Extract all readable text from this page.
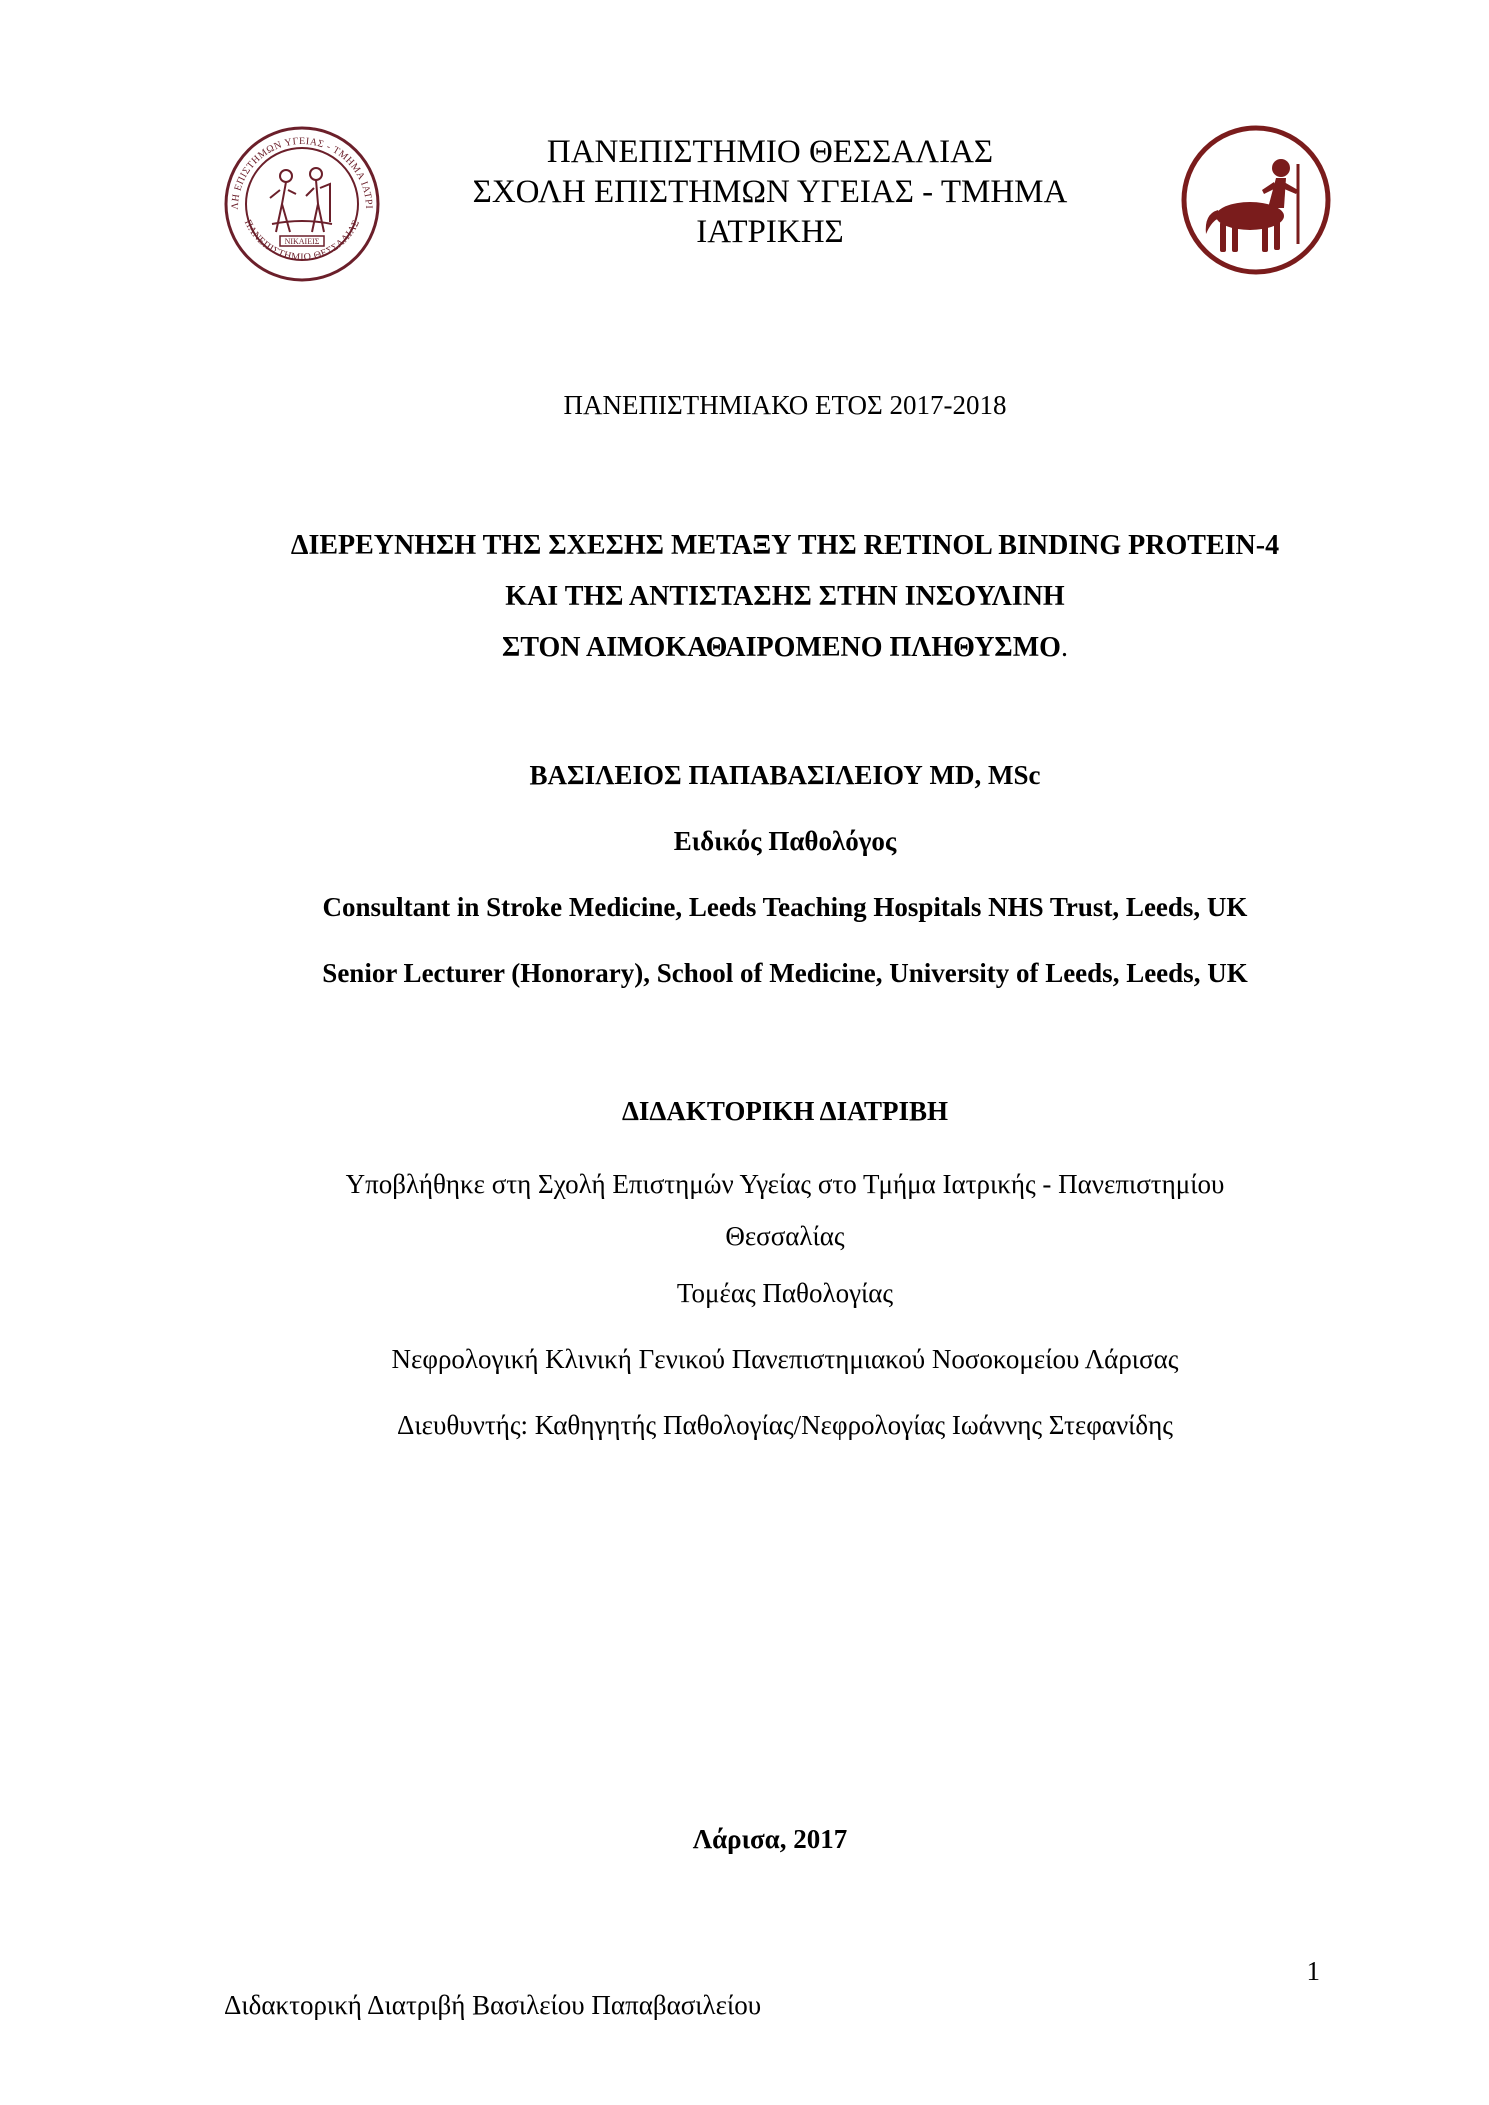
ΛΗ ΕΠΙΣΤΗΜΩΝ ΥΓΕΙΑΣ - ΤΜΗΜΑ ΙΑΤΡΙ
ΠΑΝΕΠΙΣΤΗΜΙΟ ΘΕΣΣΑΛΙΑΣ
ΝΙΚΑΙΕΙΣ
ΠΑΝΕΠΙΣΤΗΜΙΟ ΘΕΣΣΑΛΙΑΣ
ΣΧΟΛΗ ΕΠΙΣΤΗΜΩΝ ΥΓΕΙΑΣ - ΤΜΗΜΑ
ΙΑΤΡΙΚΗΣ
ΠΑΝΕΠΙΣΤΗΜΙΑΚΟ ΕΤΟΣ 2017-2018
ΔΙΕΡΕΥΝΗΣΗ ΤΗΣ ΣΧΕΣΗΣ ΜΕΤΑΞΥ ΤΗΣ RETINOL BINDING PROTEIN-4
ΚΑΙ ΤΗΣ ΑΝΤΙΣΤΑΣΗΣ ΣΤΗΝ ΙΝΣΟΥΛΙΝΗ
ΣΤΟΝ ΑΙΜΟΚΑΘΑΙΡΟΜΕΝΟ ΠΛΗΘΥΣΜΟ.
ΒΑΣΙΛΕΙΟΣ ΠΑΠΑΒΑΣΙΛΕΙΟΥ MD, MSc
Ειδικός Παθολόγος
Consultant in Stroke Medicine, Leeds Teaching Hospitals NHS Trust, Leeds, UK
Senior Lecturer (Honorary), School of Medicine, University of Leeds, Leeds, UK
ΔΙΔΑΚΤΟΡΙΚΗ ΔΙΑΤΡΙΒΗ
Υποβλήθηκε στη Σχολή Επιστημών Υγείας στο Τμήμα Ιατρικής - Πανεπιστημίου
Θεσσαλίας
Τομέας Παθολογίας
Νεφρολογική Κλινική Γενικού Πανεπιστημιακού Νοσοκομείου Λάρισας
Διευθυντής: Καθηγητής Παθολογίας/Νεφρολογίας Ιωάννης Στεφανίδης
Λάρισα, 2017
1
Διδακτορική Διατριβή Βασιλείου Παπαβασιλείου
